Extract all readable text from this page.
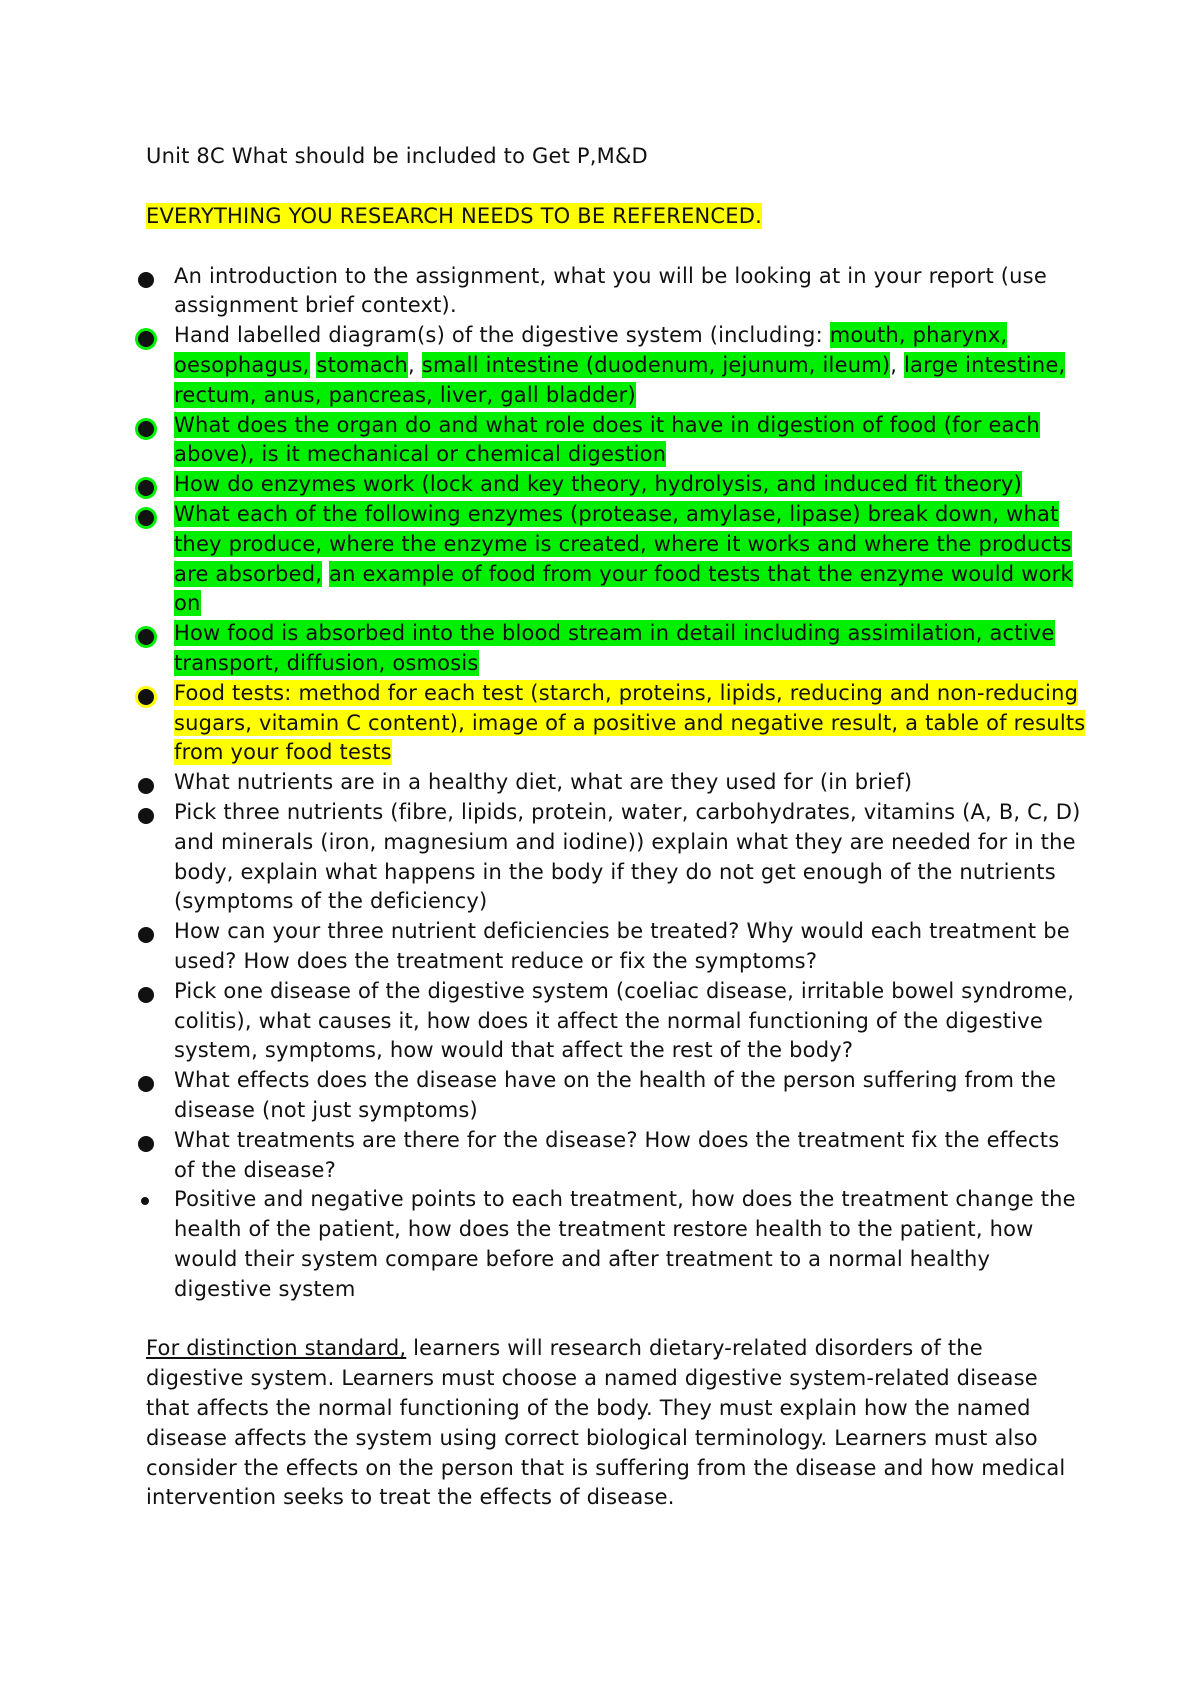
Unit 8C What should be included to Get P,M&D

EVERYTHING YOU RESEARCH NEEDS TO BE REFERENCED.
An introduction to the assignment, what you will be looking at in your report (use assignment brief context).
Hand labelled diagram(s) of the digestive system (including: mouth, pharynx, oesophagus, stomach, small intestine (duodenum, jejunum, ileum), large intestine, rectum, anus, pancreas, liver, gall bladder)
What does the organ do and what role does it have in digestion of food (for each above), is it mechanical or chemical digestion
How do enzymes work (lock and key theory, hydrolysis, and induced fit theory)
What each of the following enzymes (protease, amylase, lipase) break down, what they produce, where the enzyme is created, where it works and where the products are absorbed, an example of food from your food tests that the enzyme would work on
How food is absorbed into the blood stream in detail including assimilation, active transport, diffusion, osmosis
Food tests: method for each test (starch, proteins, lipids, reducing and non-reducing sugars, vitamin C content), image of a positive and negative result, a table of results from your food tests
What nutrients are in a healthy diet, what are they used for (in brief)
Pick three nutrients (fibre, lipids, protein, water, carbohydrates, vitamins (A, B, C, D) and minerals (iron, magnesium and iodine)) explain what they are needed for in the body, explain what happens in the body if they do not get enough of the nutrients (symptoms of the deficiency)
How can your three nutrient deficiencies be treated? Why would each treatment be used? How does the treatment reduce or fix the symptoms?
Pick one disease of the digestive system (coeliac disease, irritable bowel syndrome, colitis), what causes it, how does it affect the normal functioning of the digestive system, symptoms, how would that affect the rest of the body?
What effects does the disease have on the health of the person suffering from the disease (not just symptoms)
What treatments are there for the disease? How does the treatment fix the effects of the disease?
Positive and negative points to each treatment, how does the treatment change the health of the patient, how does the treatment restore health to the patient, how would their system compare before and after treatment to a normal healthy digestive system

For distinction standard, learners will research dietary-related disorders of the digestive system. Learners must choose a named digestive system-related disease that affects the normal functioning of the body. They must explain how the named disease affects the system using correct biological terminology. Learners must also consider the effects on the person that is suffering from the disease and how medical intervention seeks to treat the effects of disease.
